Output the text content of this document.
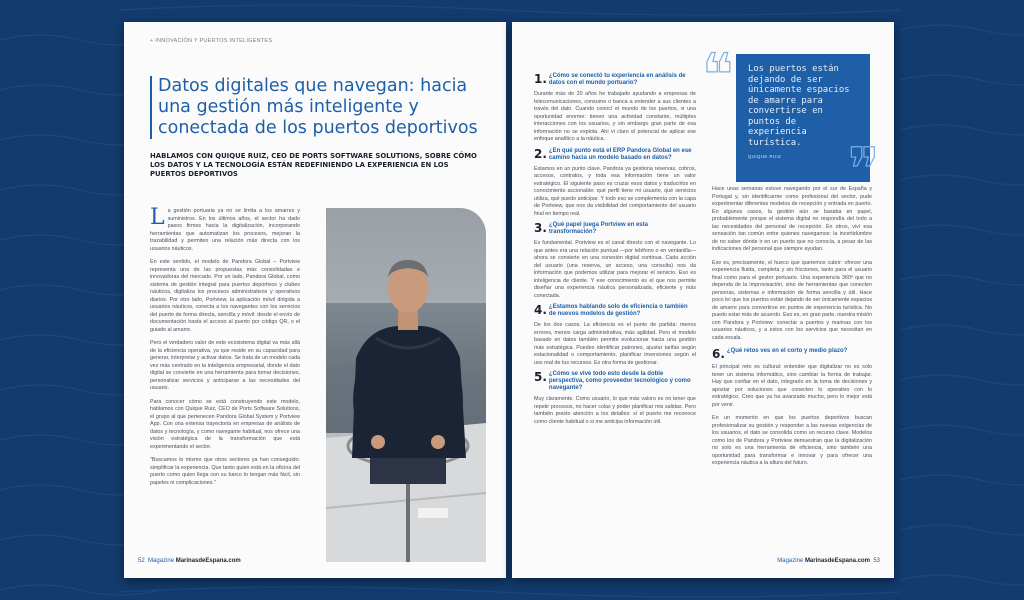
+ INNOVACIÓN Y PUERTOS INTELIGENTES
Datos digitales que navegan: hacia una gestión más inteligente y conectada de los puertos deportivos
HABLAMOS CON QUIQUE RUIZ, CEO DE PORTS SOFTWARE SOLUTIONS, SOBRE CÓMO LOS DATOS Y LA TECNOLOGÍA ESTÁN REDEFINIENDO LA EXPERIENCIA EN LOS PUERTOS DEPORTIVOS

La gestión portuaria ya no se limita a los amarres y suministros. En los últimos años, el sector ha dado pasos firmes hacia la digitalización, incorporando herramientas que automatizan los procesos, mejoran la trazabilidad y permiten una relación más directa con los usuarios náuticos.

En este sentido, el modelo de Pandora Global – Portview representa una de las propuestas más consolidadas e innovadoras del mercado. Por un lado, Pandora Global, como sistema de gestión integral para puertos deportivos y clubes náuticos, digitaliza los procesos administrativos y operativos diarios. Por otro lado, Portview, la aplicación móvil dirigida a usuarios náuticos, conecta a los navegantes con los servicios del puerto de forma directa, sencilla y móvil: desde el envío de documentación hasta el acceso al puerto por código QR, o el guiado al amarre.

Pero el verdadero valor de este ecosistema digital va más allá de la eficiencia operativa, ya que reside en su capacidad para generar, interpretar y activar datos. Se trata de un modelo cada vez más centrado en la inteligencia empresarial, donde el dato digital se convierte en una herramienta para tomar decisiones, personalizar servicios y anticiparse a las necesidades del usuario.

Para conocer cómo se está construyendo este modelo, hablamos con Quique Ruiz, CEO de Ports Software Solutions, el grupo al que pertenecen Pandora Global System y Portview App. Con una extensa trayectoria en empresas de análisis de datos y tecnología, y como navegante habitual, nos ofrece una visión estratégica de la transformación que está experimentando el sector.

"Buscamos lo mismo que otros sectores ya han conseguido: simplificar la experiencia. Que tanto quien está en la oficina del puerto como quien llega con su barco lo tengan más fácil, sin papeles ni complicaciones."

52 Magazine MarinasdeEspana.com
❝ Los puertos están dejando de ser únicamente espacios de amarre para convertirse en puntos de experiencia turística.
QUIQUE RUIZ	❞
1. ¿Cómo se conectó tu experiencia en análisis de datos con el mundo portuario?

Durante más de 20 años he trabajado ayudando a empresas de telecomunicaciones, consumo o banca a entender a sus clientes a través del dato. Cuando conocí el mundo de los puertos, vi una oportunidad enorme: tienen una actividad constante, múltiples interacciones con los usuarios, y sin embargo gran parte de esa información no se explota. Ahí vi claro el potencial de aplicar ese enfoque analítico a la náutica.

2. ¿En qué punto está el ERP Pandora Global en ese camino hacia un modelo basado en datos?

Estamos en un punto clave. Pandora ya gestiona reservas, cobros, accesos, contratos, y toda esa información tiene un valor estratégico. El siguiente paso es cruzar esos datos y traducirlos en conocimiento accionable: qué perfil tiene mi usuario, qué servicios utiliza, qué puedo anticipar. Y todo eso se complementa con la capa de Portview, que nos da visibilidad del comportamiento del usuario final en tiempo real.

3. ¿Qué papel juega Portview en esta transformación?

Es fundamental. Portview es el canal directo con el navegante. Lo que antes era una relación puntual —por teléfono o en ventanilla— ahora se convierte en una conexión digital continua. Cada acción del usuario (una reserva, un acceso, una consulta) nos da información que podemos utilizar para mejorar el servicio. Eso es inteligencia de cliente. Y ese conocimiento es el que nos permite diseñar una experiencia náutica personalizada, eficiente y más conectada.

4. ¿Estamos hablando solo de eficiencia o también de nuevos modelos de gestión?

De los dos casos. La eficiencia es el punto de partida: menos errores, menos carga administrativa, más agilidad. Pero el modelo basado en datos también permite evolucionar hacia una gestión más estratégica. Puedes identificar patrones, ajustar tarifas según estacionalidad o comportamiento, planificar inversiones según el uso real de tus recursos. Es otra forma de gestionar.

5. ¿Cómo se vive todo esto desde la doble perspectiva, como proveedor tecnológico y como navegante?

Muy claramente. Como usuario, lo que más valoro es no tener que repetir procesos, no hacer colas y poder planificar mis salidas. Pero también presto atención a los detalles: si el puerto me reconoce como cliente habitual o si me anticipa información útil.

Hace unas semanas estuve navegando por el sur de España y Portugal y, sin identificarme como profesional del sector, pude experimentar diferentes modelos de recepción y entrada en puerto. En algunos casos, la gestión aún se basaba en papel, probablemente porque el sistema digital no respondía del todo a las necesidades del personal de recepción. En otros, viví esa sensación tan común entre quienes navegamos: la incertidumbre de no saber dónde ir en un puerto que no conocía, a pesar de las indicaciones del personal que siempre ayudan.

Ese es, precisamente, el hueco que queremos cubrir: ofrecer una experiencia fluida, completa y sin fricciones, tanto para el usuario final como para el gestor portuario. Una experiencia 360º que no dependa de la improvisación, sino de herramientas que conecten personas, sistemas e información de forma sencilla y útil. Hace poco leí que los puertos están dejando de ser únicamente espacios de amarre para convertirse en puntos de experiencia turística. No puedo estar más de acuerdo. Eso es, en gran parte, nuestra misión con Pandora y Portview: conectar a puertos y marinas con los usuarios náuticos, y a estos con los servicios que necesitan en cada escala.

6. ¿Qué retos ves en el corto y medio plazo?

El principal reto es cultural: entender que digitalizar no es solo tener un sistema informático, sino cambiar la forma de trabajar. Hay que confiar en el dato, integrarlo en la toma de decisiones y apostar por soluciones que conecten lo operativo con lo estratégico. Creo que ya ha avanzado mucho, pero lo mejor está por venir.

En un momento en que los puertos deportivos buscan profesionalizar su gestión y responder a las nuevas exigencias de los usuarios, el dato se consolida como un recurso clave. Modelos como los de Pandora y Portview demuestran que la digitalización no solo es una herramienta de eficiencia, sino también una oportunidad para transformar e innovar y para ofrecer una experiencia náutica a la altura del futuro.

Magazine MarinasdeEspana.com 53
